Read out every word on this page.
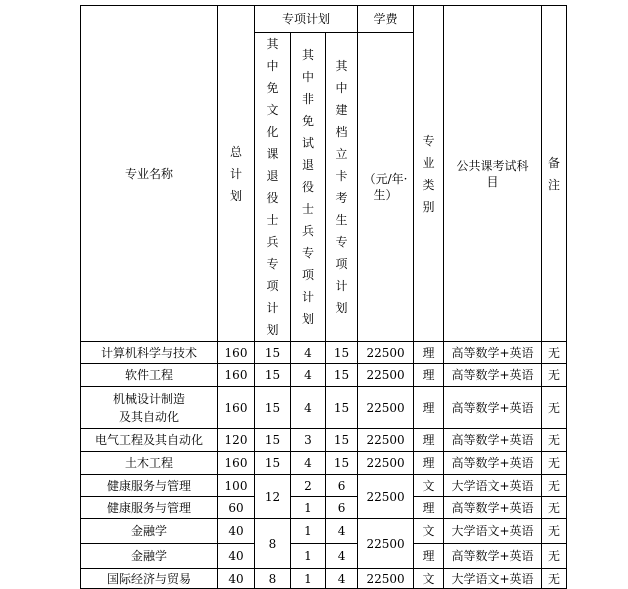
专业名称	总计划	专项计划			学费	专业类别	公共课考试科目	备注

		其中免文化课退役士兵专项计划	其中非免试退役士兵专项计划	其中建档立卡考生专项计划	（元/年·生）			

计算机科学与技术	160	15	4	15	22500	理	高等数学+英语	无
软件工程	160	15	4	15	22500	理	高等数学+英语	无

机械设计制造
及其自动化	160	15	4	15	22500	理	高等数学+英语	无
电气工程及其自动化	120	15	3	15	22500	理	高等数学+英语	无
土木工程	160	15	4	15	22500	理	高等数学+英语	无
健康服务与管理	100	12	2	6	22500	文	大学语文+英语	无
健康服务与管理	60		1	6		理	高等数学+英语	无
金融学	40	8	1	4	22500	文	大学语文+英语	无
金融学	40		1	4		理	高等数学+英语	无
国际经济与贸易	40	8	1	4	22500	文	大学语文+英语	无
